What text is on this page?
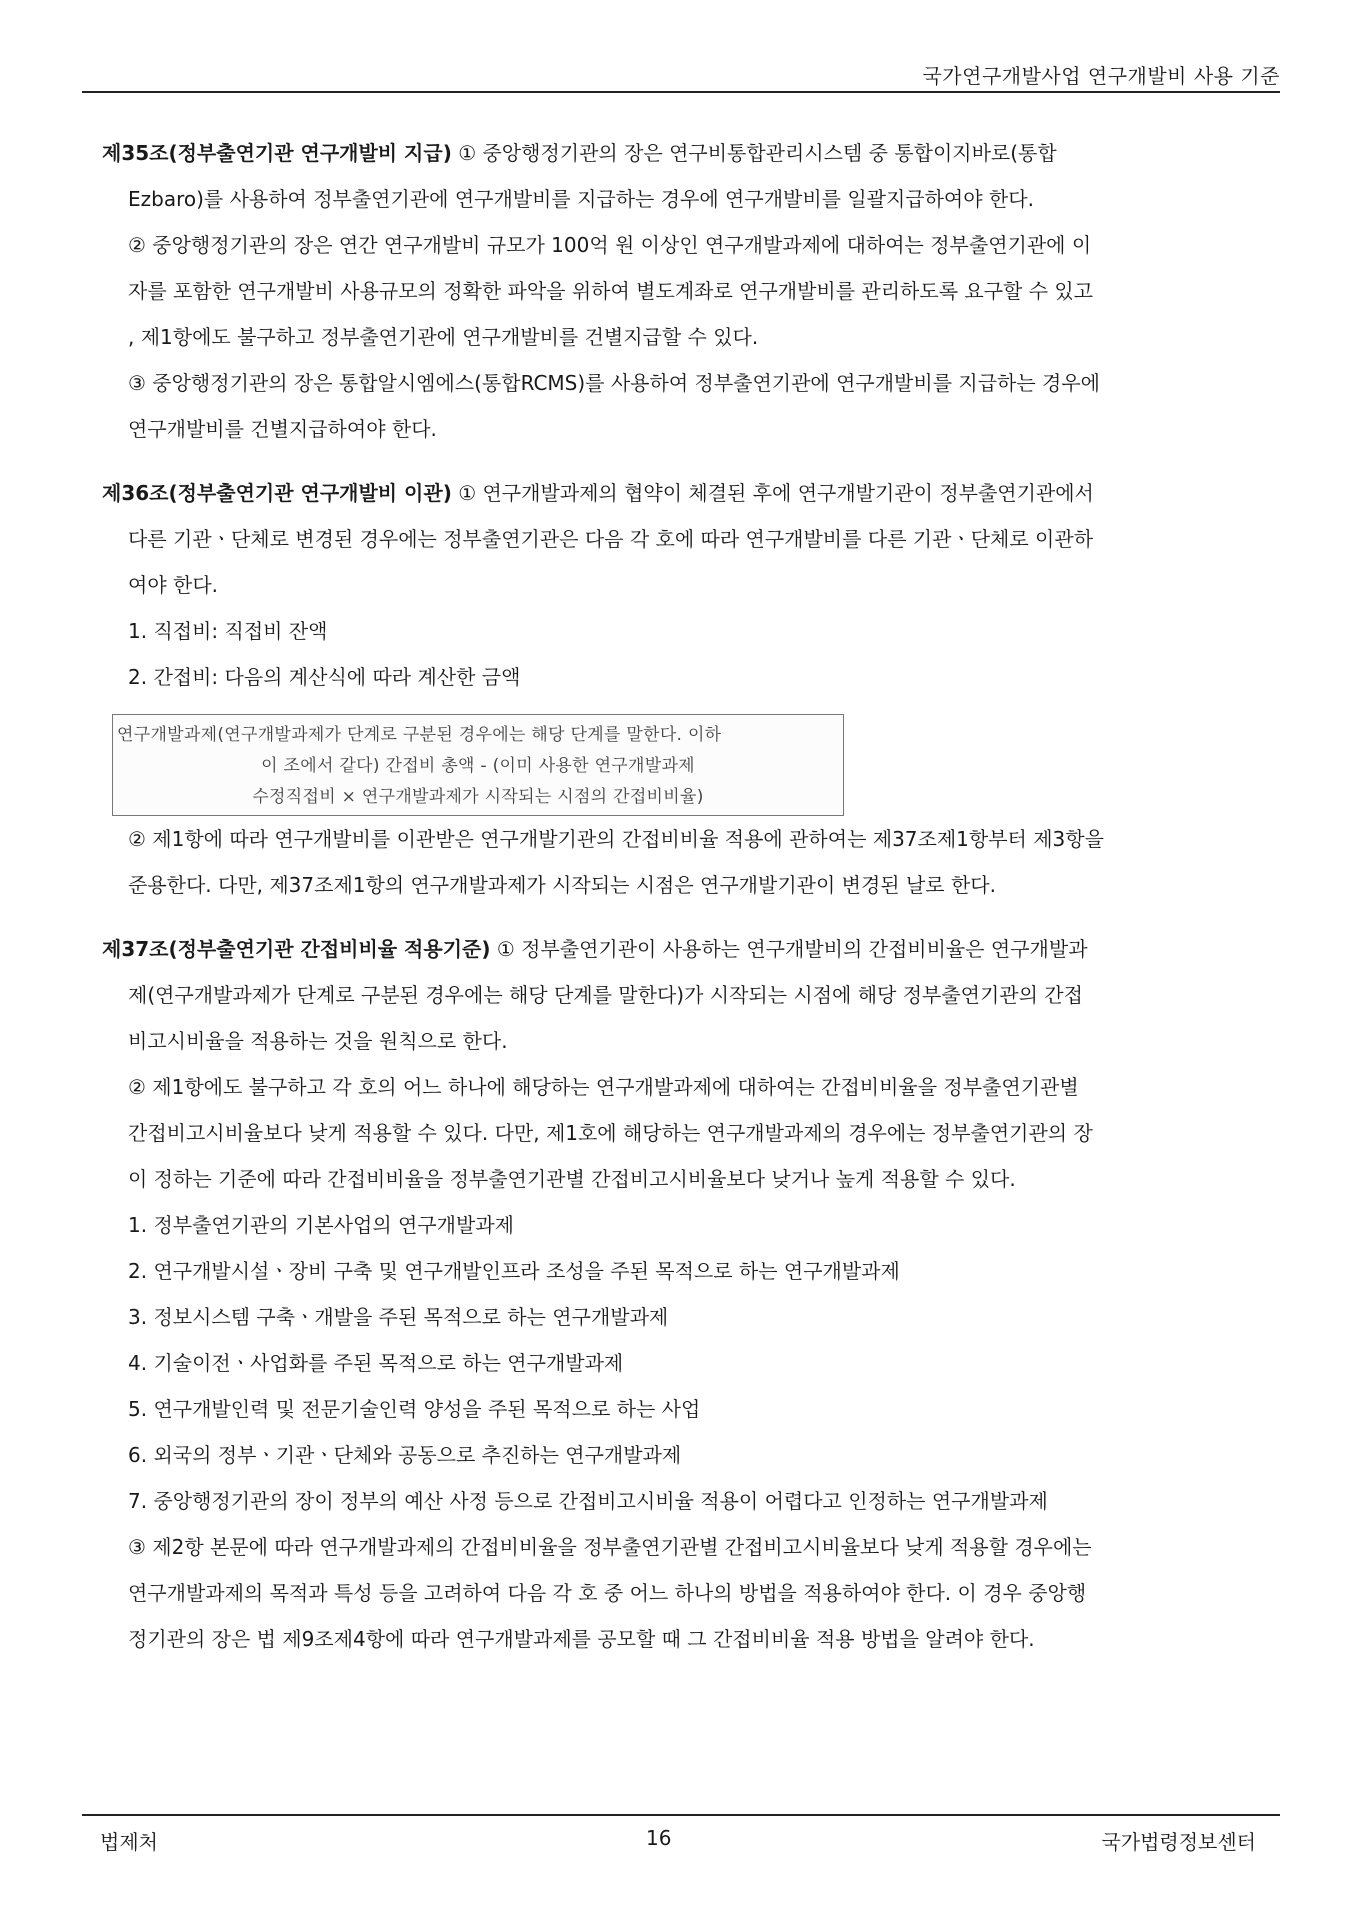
국가연구개발사업 연구개발비 사용 기준
제35조(정부출연기관 연구개발비 지급) ① 중앙행정기관의 장은 연구비통합관리시스템 중 통합이지바로(통합
Ezbaro)를 사용하여 정부출연기관에 연구개발비를 지급하는 경우에 연구개발비를 일괄지급하여야 한다.
② 중앙행정기관의 장은 연간 연구개발비 규모가 100억 원 이상인 연구개발과제에 대하여는 정부출연기관에 이
자를 포함한 연구개발비 사용규모의 정확한 파악을 위하여 별도계좌로 연구개발비를 관리하도록 요구할 수 있고
, 제1항에도 불구하고 정부출연기관에 연구개발비를 건별지급할 수 있다.
③ 중앙행정기관의 장은 통합알시엠에스(통합RCMS)를 사용하여 정부출연기관에 연구개발비를 지급하는 경우에
연구개발비를 건별지급하여야 한다.
제36조(정부출연기관 연구개발비 이관) ① 연구개발과제의 협약이 체결된 후에 연구개발기관이 정부출연기관에서
다른 기관ㆍ단체로 변경된 경우에는 정부출연기관은 다음 각 호에 따라 연구개발비를 다른 기관ㆍ단체로 이관하
여야 한다.
1. 직접비: 직접비 잔액
2. 간접비: 다음의 계산식에 따라 계산한 금액
연구개발과제(연구개발과제가 단계로 구분된 경우에는 해당 단계를 말한다. 이하
이 조에서 같다) 간접비 총액 - (이미 사용한 연구개발과제
수정직접비 × 연구개발과제가 시작되는 시점의 간접비비율)
② 제1항에 따라 연구개발비를 이관받은 연구개발기관의 간접비비율 적용에 관하여는 제37조제1항부터 제3항을
준용한다. 다만, 제37조제1항의 연구개발과제가 시작되는 시점은 연구개발기관이 변경된 날로 한다.
제37조(정부출연기관 간접비비율 적용기준) ① 정부출연기관이 사용하는 연구개발비의 간접비비율은 연구개발과
제(연구개발과제가 단계로 구분된 경우에는 해당 단계를 말한다)가 시작되는 시점에 해당 정부출연기관의 간접
비고시비율을 적용하는 것을 원칙으로 한다.
② 제1항에도 불구하고 각 호의 어느 하나에 해당하는 연구개발과제에 대하여는 간접비비율을 정부출연기관별
간접비고시비율보다 낮게 적용할 수 있다. 다만, 제1호에 해당하는 연구개발과제의 경우에는 정부출연기관의 장
이 정하는 기준에 따라 간접비비율을 정부출연기관별 간접비고시비율보다 낮거나 높게 적용할 수 있다.
1. 정부출연기관의 기본사업의 연구개발과제
2. 연구개발시설ㆍ장비 구축 및 연구개발인프라 조성을 주된 목적으로 하는 연구개발과제
3. 정보시스템 구축ㆍ개발을 주된 목적으로 하는 연구개발과제
4. 기술이전ㆍ사업화를 주된 목적으로 하는 연구개발과제
5. 연구개발인력 및 전문기술인력 양성을 주된 목적으로 하는 사업
6. 외국의 정부ㆍ기관ㆍ단체와 공동으로 추진하는 연구개발과제
7. 중앙행정기관의 장이 정부의 예산 사정 등으로 간접비고시비율 적용이 어렵다고 인정하는 연구개발과제
③ 제2항 본문에 따라 연구개발과제의 간접비비율을 정부출연기관별 간접비고시비율보다 낮게 적용할 경우에는
연구개발과제의 목적과 특성 등을 고려하여 다음 각 호 중 어느 하나의 방법을 적용하여야 한다. 이 경우 중앙행
정기관의 장은 법 제9조제4항에 따라 연구개발과제를 공모할 때 그 간접비비율 적용 방법을 알려야 한다.
법제처	16	국가법령정보센터
